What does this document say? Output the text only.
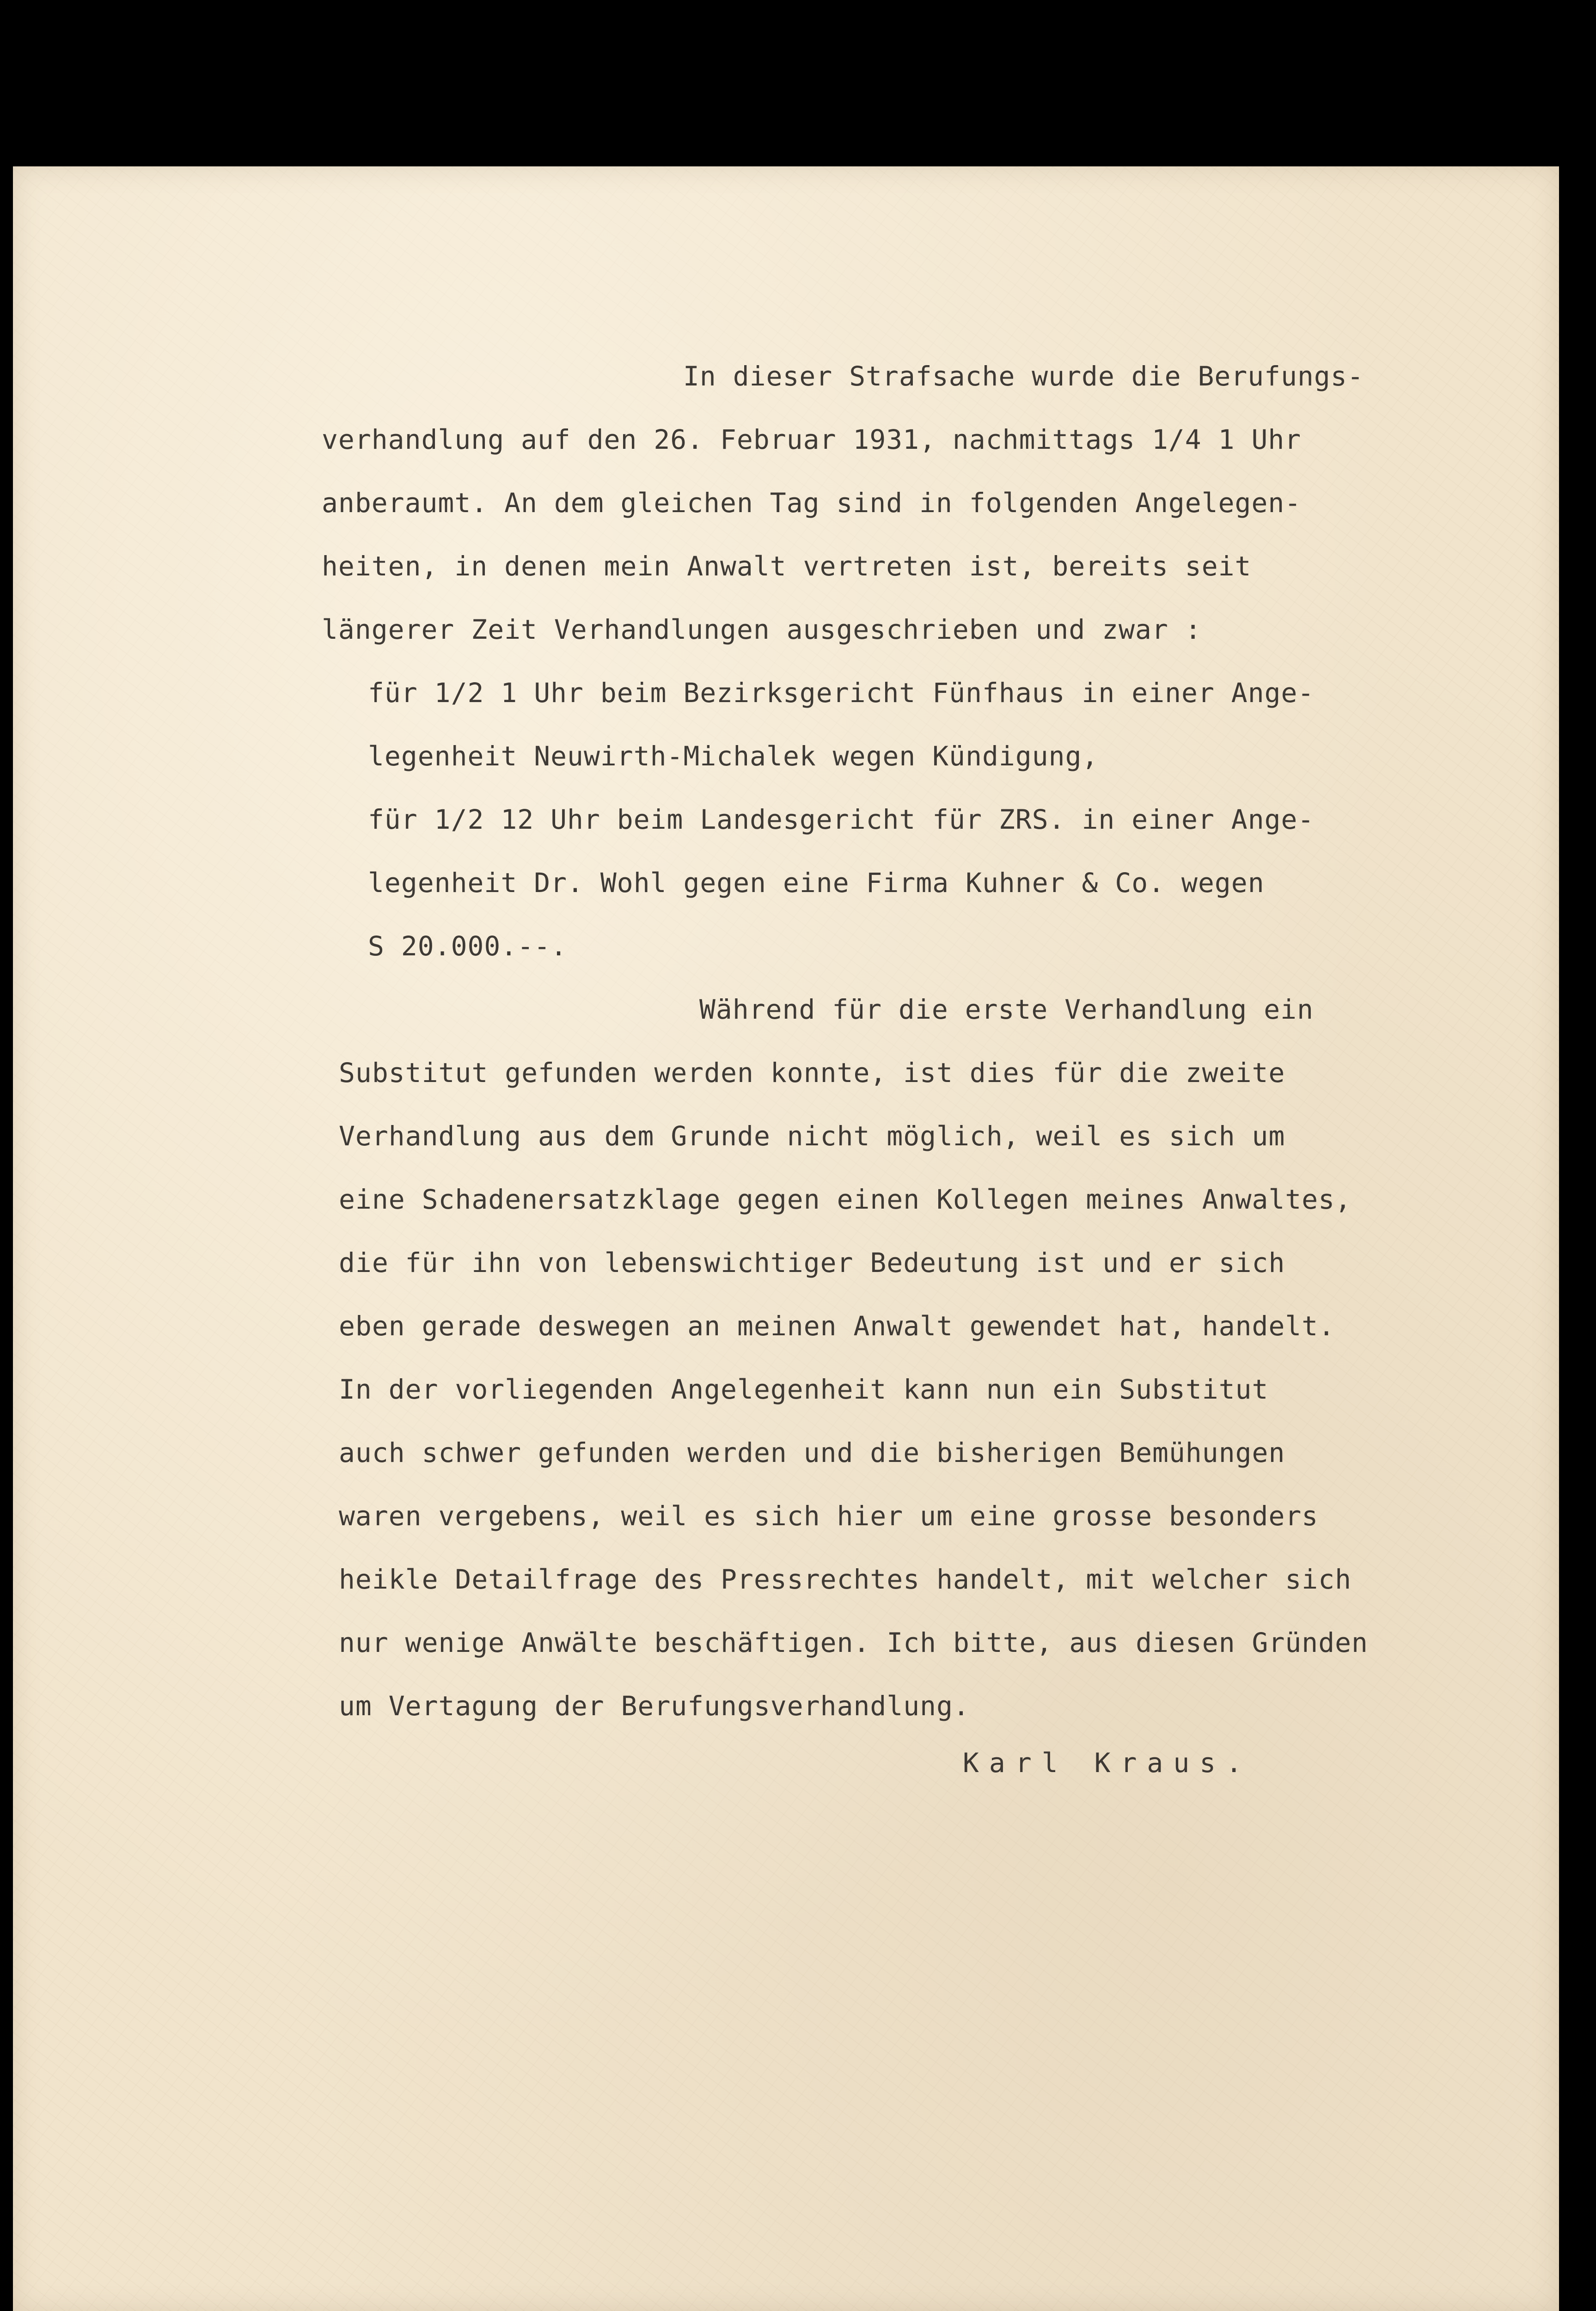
In dieser Strafsache wurde die Berufungs-
verhandlung auf den 26. Februar 1931, nachmittags 1/4 1 Uhr
anberaumt. An dem gleichen Tag sind in folgenden Angelegen-
heiten, in denen mein Anwalt vertreten ist, bereits seit
längerer Zeit Verhandlungen ausgeschrieben und zwar :
für 1/2 1 Uhr beim Bezirksgericht Fünfhaus in einer Ange-
legenheit Neuwirth-Michalek wegen Kündigung,
für 1/2 12 Uhr beim Landesgericht für ZRS. in einer Ange-
legenheit Dr. Wohl gegen eine Firma Kuhner & Co. wegen
S 20.000.--.
Während für die erste Verhandlung ein
Substitut gefunden werden konnte, ist dies für die zweite
Verhandlung aus dem Grunde nicht möglich, weil es sich um
eine Schadenersatzklage gegen einen Kollegen meines Anwaltes,
die für ihn von lebenswichtiger Bedeutung ist und er sich
eben gerade deswegen an meinen Anwalt gewendet hat, handelt.
In der vorliegenden Angelegenheit kann nun ein Substitut
auch schwer gefunden werden und die bisherigen Bemühungen
waren vergebens, weil es sich hier um eine grosse besonders
heikle Detailfrage des Pressrechtes handelt, mit welcher sich
nur wenige Anwälte beschäftigen. Ich bitte, aus diesen Gründen
um Vertagung der Berufungsverhandlung.
Karl Kraus.
